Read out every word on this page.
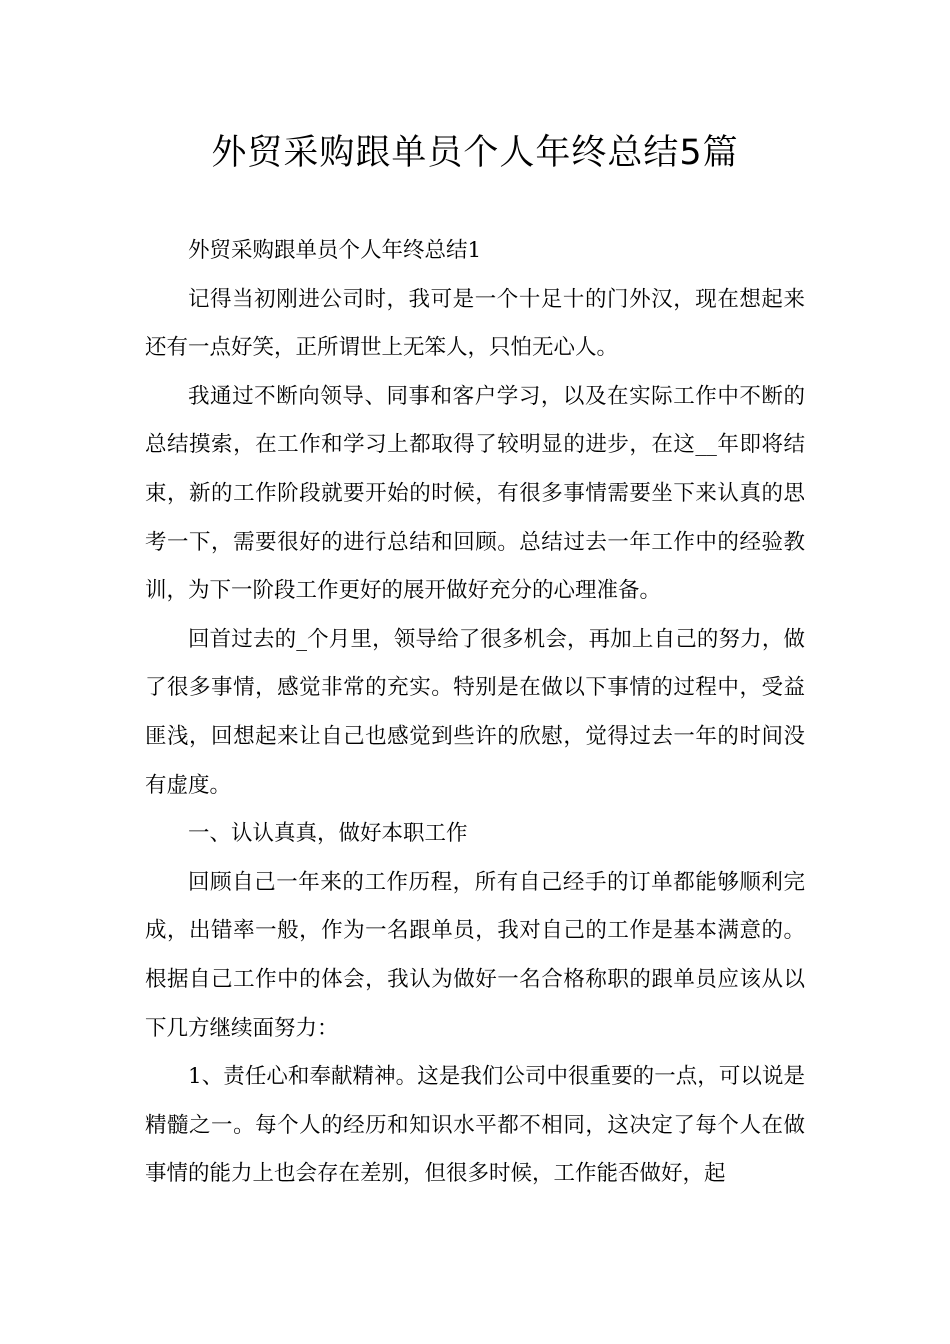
外贸采购跟单员个人年终总结5篇

外贸采购跟单员个人年终总结1

记得当初刚进公司时，我可是一个十足十的门外汉，现在想起来还有一点好笑，正所谓世上无笨人，只怕无心人。

我通过不断向领导、同事和客户学习，以及在实际工作中不断的总结摸索，在工作和学习上都取得了较明显的进步，在这__年即将结束，新的工作阶段就要开始的时候，有很多事情需要坐下来认真的思考一下，需要很好的进行总结和回顾。总结过去一年工作中的经验教训，为下一阶段工作更好的展开做好充分的心理准备。

回首过去的_个月里，领导给了很多机会，再加上自己的努力，做了很多事情，感觉非常的充实。特别是在做以下事情的过程中，受益匪浅，回想起来让自己也感觉到些许的欣慰，觉得过去一年的时间没有虚度。

一、认认真真，做好本职工作

回顾自己一年来的工作历程，所有自己经手的订单都能够顺利完成，出错率一般，作为一名跟单员，我对自己的工作是基本满意的。根据自己工作中的体会，我认为做好一名合格称职的跟单员应该从以下几方继续面努力：

1、责任心和奉献精神。这是我们公司中很重要的一点，可以说是精髓之一。每个人的经历和知识水平都不相同，这决定了每个人在做事情的能力上也会存在差别，但很多时候，工作能否做好，起
